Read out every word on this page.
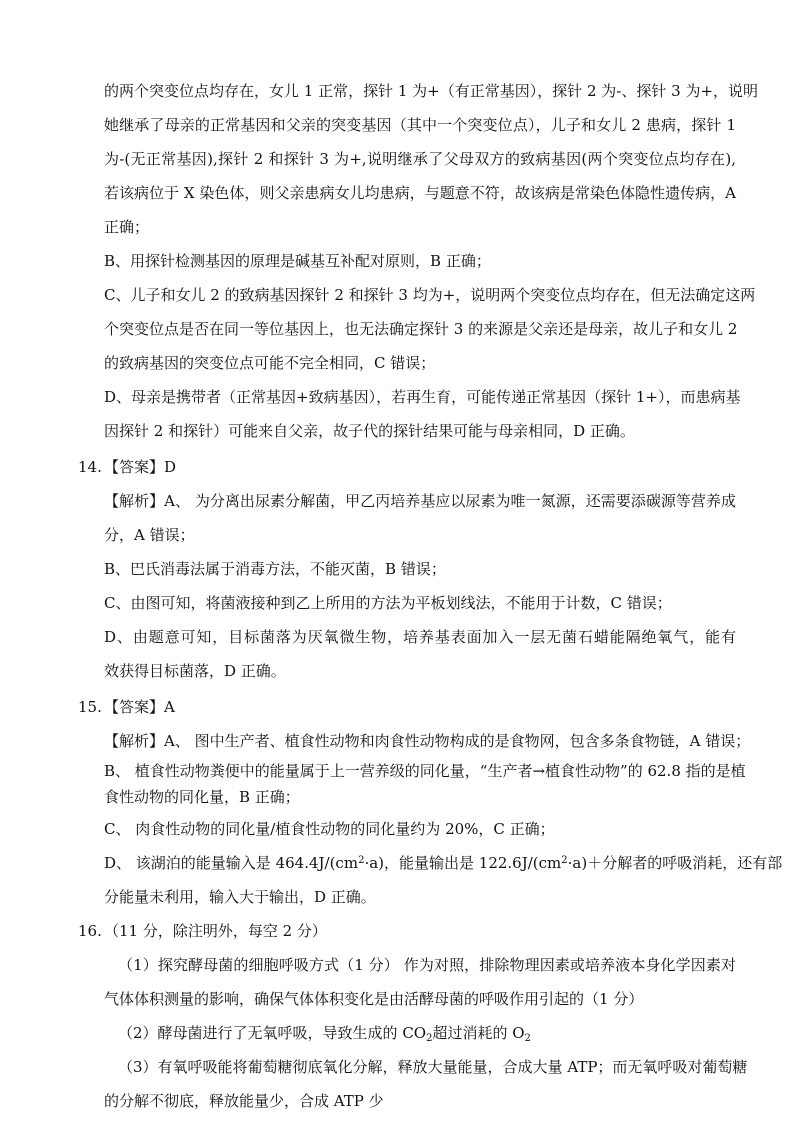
的两个突变位点均存在，女儿 1 正常，探针 1 为+（有正常基因），探针 2 为-、探针 3 为+，说明
她继承了母亲的正常基因和父亲的突变基因（其中一个突变位点），儿子和女儿 2 患病，探针 1
为-(无正常基因),探针 2 和探针 3 为+,说明继承了父母双方的致病基因(两个突变位点均存在),
若该病位于 X 染色体，则父亲患病女儿均患病，与题意不符，故该病是常染色体隐性遗传病，A
正确；
B、用探针检测基因的原理是碱基互补配对原则，B 正确；
C、儿子和女儿 2 的致病基因探针 2 和探针 3 均为+，说明两个突变位点均存在，但无法确定这两
个突变位点是否在同一等位基因上，也无法确定探针 3 的来源是父亲还是母亲，故儿子和女儿 2
的致病基因的突变位点可能不完全相同，C 错误；
D、母亲是携带者（正常基因+致病基因），若再生育，可能传递正常基因（探针 1+），而患病基
因探针 2 和探针）可能来自父亲，故子代的探针结果可能与母亲相同，D 正确。
14. 【答案】D
【解析】A、 为分离出尿素分解菌，甲乙丙培养基应以尿素为唯一氮源，还需要添碳源等营养成
分，A 错误；
B、巴氏消毒法属于消毒方法，不能灭菌，B 错误；
C、由图可知，将菌液接种到乙上所用的方法为平板划线法，不能用于计数，C 错误；
D、由题意可知，目标菌落为厌氧微生物，培养基表面加入一层无菌石蜡能隔绝氧气，能有
效获得目标菌落，D 正确。
15. 【答案】A
【解析】A、 图中生产者、植食性动物和肉食性动物构成的是食物网，包含多条食物链，A 错误；
B、 植食性动物粪便中的能量属于上一营养级的同化量，“生产者→植食性动物”的 62.8 指的是植
食性动物的同化量，B 正确；
C、 肉食性动物的同化量/植食性动物的同化量约为 20%，C 正确；
D、 该湖泊的能量输入是 $464.4J/(cm^2\cdot a)$，能量输出是 $122.6J/(cm^2\cdot a)+$分解者的呼吸消耗，还有部
分能量未利用，输入大于输出，D 正确。
16. （11 分，除注明外，每空 2 分）
（1）探究酵母菌的细胞呼吸方式（1 分） 作为对照，排除物理因素或培养液本身化学因素对
气体体积测量的影响，确保气体体积变化是由活酵母菌的呼吸作用引起的（1 分）
（2）酵母菌进行了无氧呼吸，导致生成的 $CO_2$超过消耗的 $O_2$
（3）有氧呼吸能将葡萄糖彻底氧化分解，释放大量能量，合成大量 ATP；而无氧呼吸对葡萄糖
的分解不彻底，释放能量少，合成 ATP 少
